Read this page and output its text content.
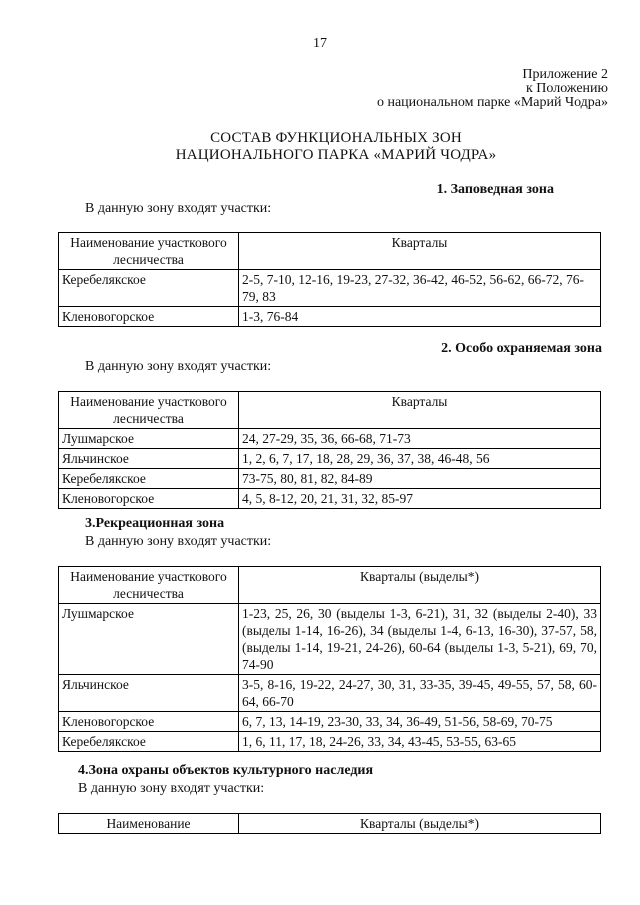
17
Приложение 2
к Положению
о национальном парке «Марий Чодра»
СОСТАВ ФУНКЦИОНАЛЬНЫХ ЗОН
НАЦИОНАЛЬНОГО ПАРКА «МАРИЙ ЧОДРА»
1. Заповедная зона
В данную зону входят участки:
Наименование участкового лесничества	Кварталы
Керебелякское	2-5, 7-10, 12-16, 19-23, 27-32, 36-42, 46-52, 56-62, 66-72, 76-79, 83
Кленовогорское	1-3, 76-84
2. Особо охраняемая зона
В данную зону входят участки:
Наименование участкового лесничества	Кварталы
Лушмарское	24, 27-29, 35, 36, 66-68, 71-73
Яльчинское	1, 2, 6, 7, 17, 18, 28, 29, 36, 37, 38, 46-48, 56
Керебелякское	73-75, 80, 81, 82, 84-89
Кленовогорское	4, 5, 8-12, 20, 21, 31, 32, 85-97
3.Рекреационная зона
В данную зону входят участки:
Наименование участкового лесничества	Кварталы (выделы*)
Лушмарское	1-23, 25, 26, 30 (выделы 1-3, 6-21), 31, 32 (выделы 2-40), 33 (выделы 1-14, 16-26), 34 (выделы 1-4, 6-13, 16-30), 37-57, 58, (выделы 1-14, 19-21, 24-26), 60-64 (выделы 1-3, 5-21), 69, 70, 74-90
Яльчинское	3-5, 8-16, 19-22, 24-27, 30, 31, 33-35, 39-45, 49-55, 57, 58, 60-64, 66-70
Кленовогорское	6, 7, 13, 14-19, 23-30, 33, 34, 36-49, 51-56, 58-69, 70-75
Керебелякское	1, 6, 11, 17, 18, 24-26, 33, 34, 43-45, 53-55, 63-65
4.Зона охраны объектов культурного наследия
В данную зону входят участки:
Наименование	Кварталы (выделы*)
